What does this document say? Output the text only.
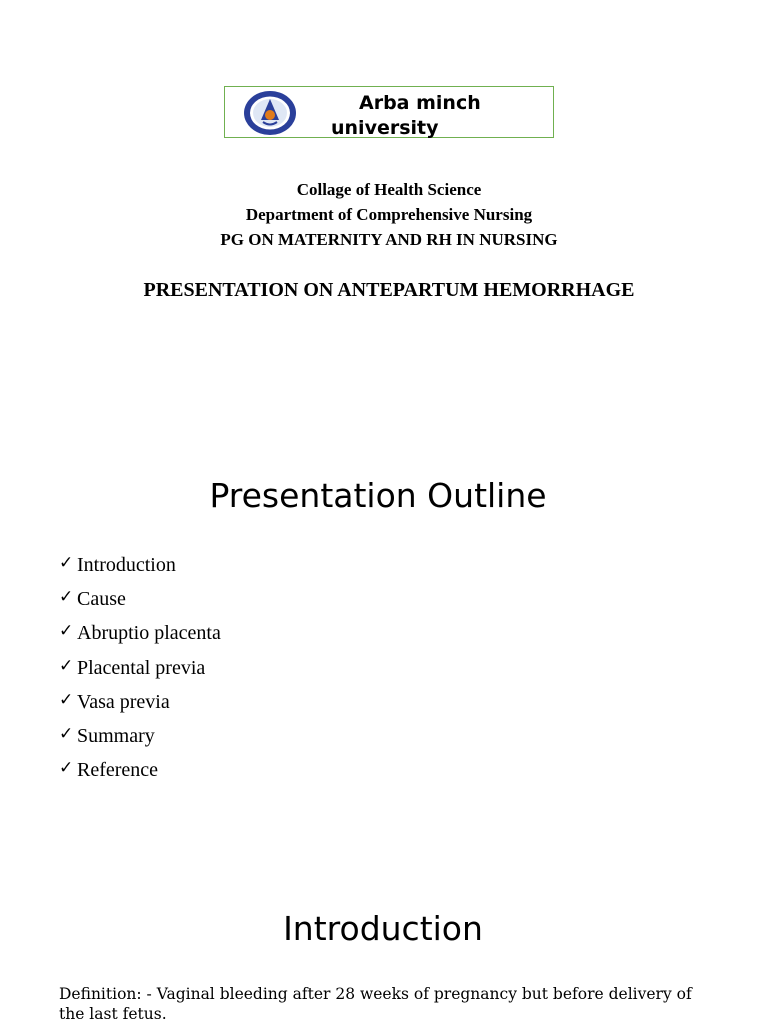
Arba minch
university
Collage of Health Science
Department of Comprehensive Nursing
PG ON MATERNITY AND RH IN NURSING
PRESENTATION ON ANTEPARTUM HEMORRHAGE
Presentation Outline
✓ Introduction
✓ Cause
✓ Abruptio placenta
✓ Placental previa
✓ Vasa previa
✓ Summary
✓ Reference
Introduction
Definition: - Vaginal bleeding after 28 weeks of pregnancy but before delivery of the last fetus.
